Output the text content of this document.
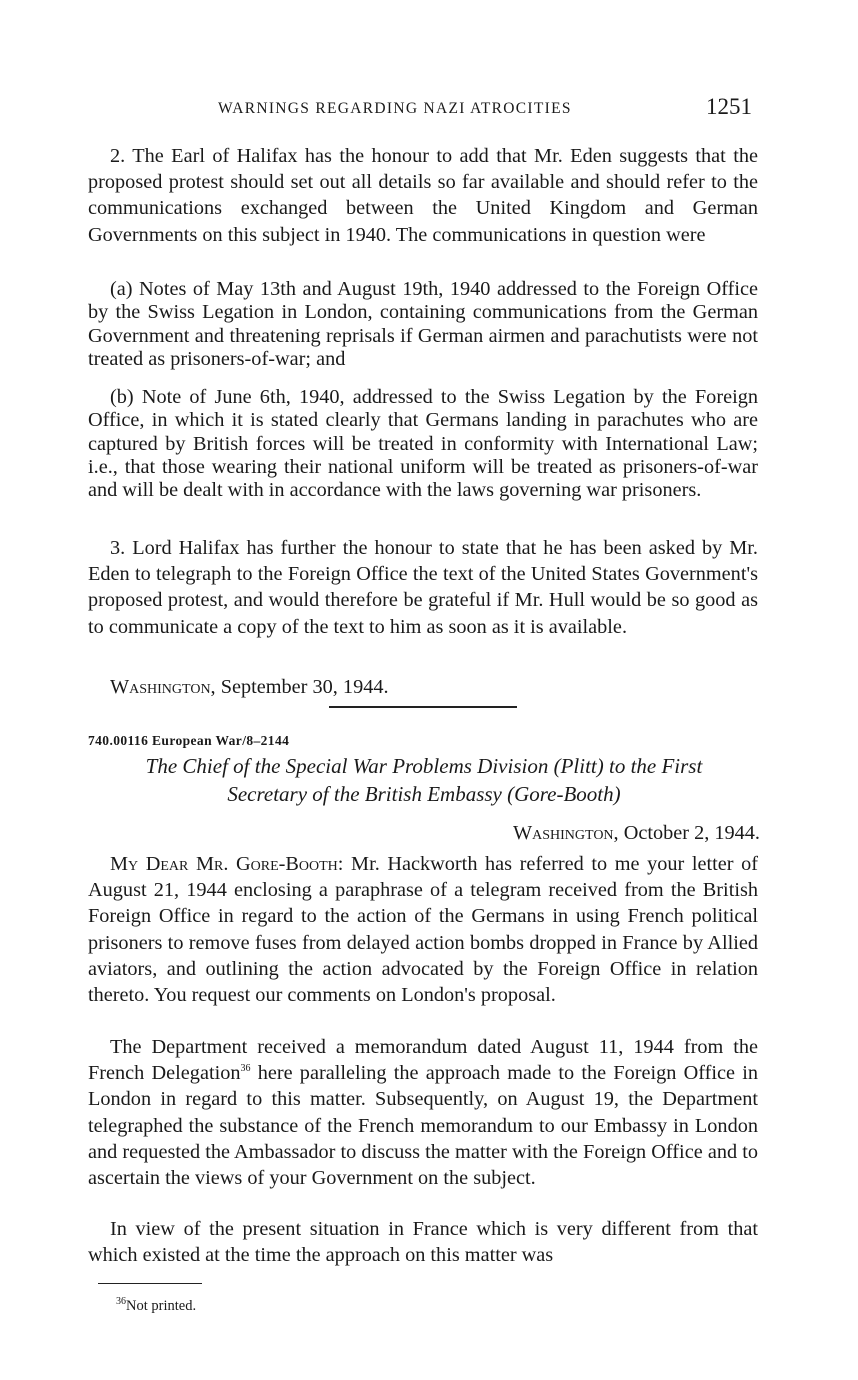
WARNINGS REGARDING NAZI ATROCITIES	1251

2. The Earl of Halifax has the honour to add that Mr. Eden suggests that the proposed protest should set out all details so far available and should refer to the communications exchanged between the United Kingdom and German Governments on this subject in 1940. The communications in question were

(a) Notes of May 13th and August 19th, 1940 addressed to the Foreign Office by the Swiss Legation in London, containing communications from the German Government and threatening reprisals if German airmen and parachutists were not treated as prisoners-of-war; and

(b) Note of June 6th, 1940, addressed to the Swiss Legation by the Foreign Office, in which it is stated clearly that Germans landing in parachutes who are captured by British forces will be treated in conformity with International Law; i.e., that those wearing their national uniform will be treated as prisoners-of-war and will be dealt with in accordance with the laws governing war prisoners.

3. Lord Halifax has further the honour to state that he has been asked by Mr. Eden to telegraph to the Foreign Office the text of the United States Government's proposed protest, and would therefore be grateful if Mr. Hull would be so good as to communicate a copy of the text to him as soon as it is available.

Washington, September 30, 1944.

740.00116 European War/8–2144

The Chief of the Special War Problems Division (Plitt) to the First
Secretary of the British Embassy (Gore-Booth)

Washington, October 2, 1944.

My Dear Mr. Gore-Booth: Mr. Hackworth has referred to me your letter of August 21, 1944 enclosing a paraphrase of a telegram received from the British Foreign Office in regard to the action of the Germans in using French political prisoners to remove fuses from delayed action bombs dropped in France by Allied aviators, and outlining the action advocated by the Foreign Office in relation thereto. You request our comments on London's proposal.

The Department received a memorandum dated August 11, 1944 from the French Delegation$^{36}$ here paralleling the approach made to the Foreign Office in London in regard to this matter. Subsequently, on August 19, the Department telegraphed the substance of the French memorandum to our Embassy in London and requested the Ambassador to discuss the matter with the Foreign Office and to ascertain the views of your Government on the subject.

In view of the present situation in France which is very different from that which existed at the time the approach on this matter was

$^{36}$Not printed.
